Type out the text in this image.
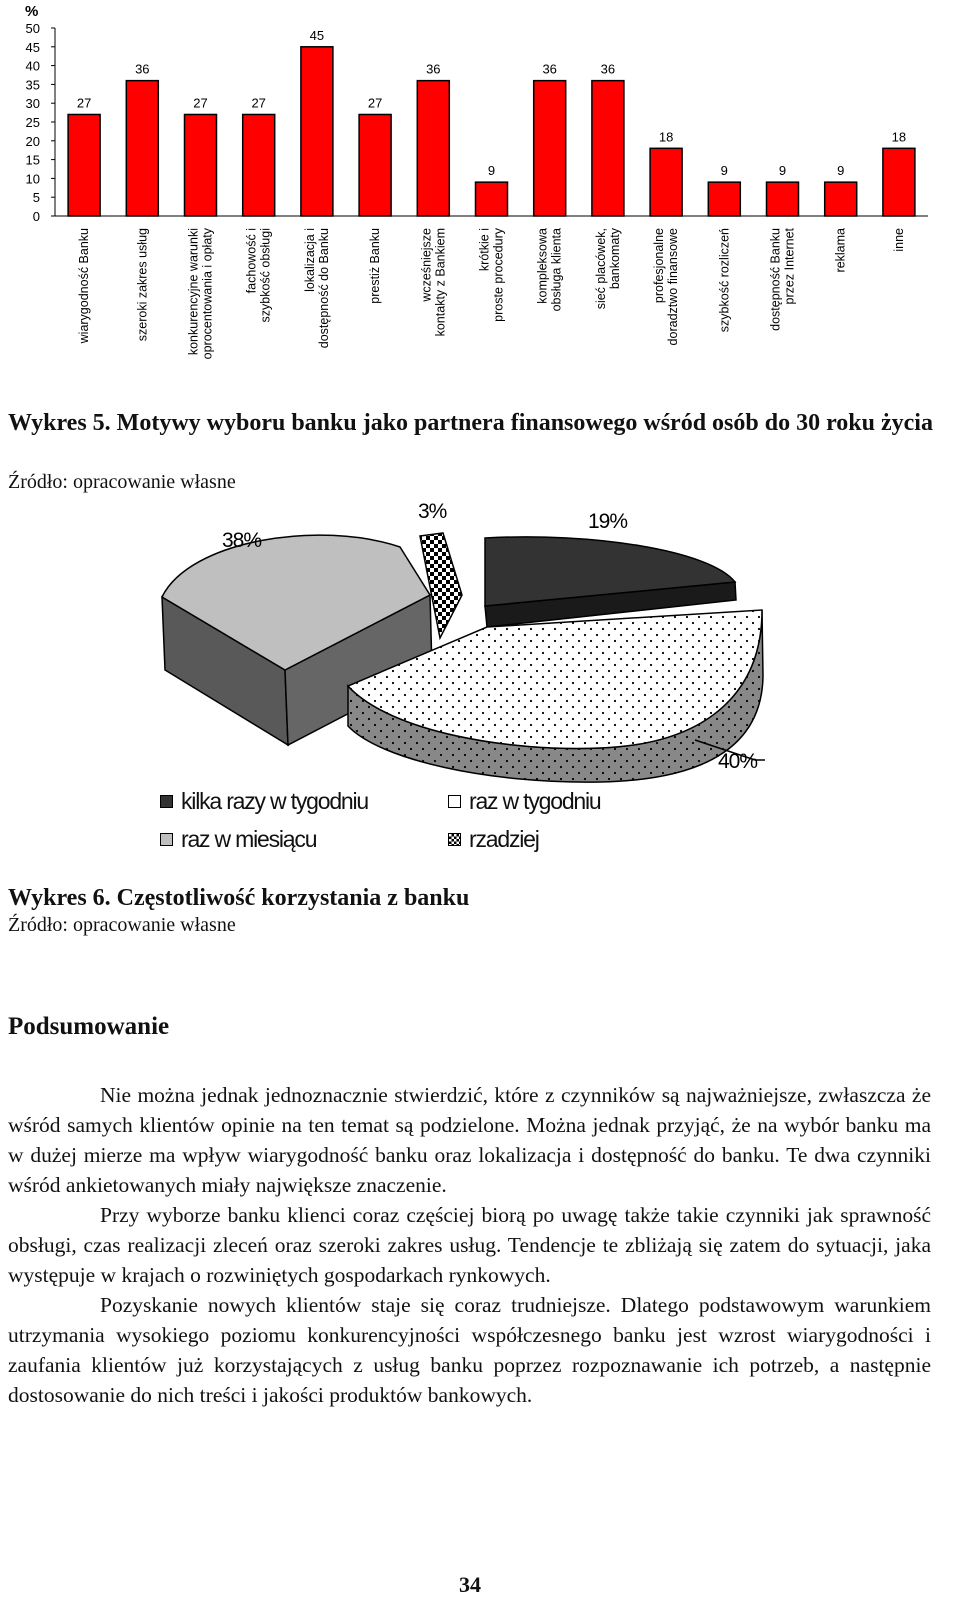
%
0
5
10
15
20
25
30
35
40
45
50
27
wiarygodność Banku
36
szeroki zakres usług
27
konkurencyjne warunki oprocentowania i opłaty
27
fachowość i szybkość obsługi
45
lokalizacja i dostępność do Banku
27
prestiż Banku
36
wcześniejsze kontakty z Bankiem
9
krótkie i proste procedury
36
kompleksowa obsługa klienta
36
sieć placówek, bankomaty
18
profesjonalne doradztwo finansowe
9
szybkość rozliczeń
9
dostępność Banku przez Internet
9
reklama
18
inne
Wykres 5. Motywy wyboru banku jako partnera finansowego wśród osób do 30 roku życia
Źródło: opracowanie własne
38%
3%	19%
40%
kilka razy w tygodniu	raz w tygodniu
raz w miesiącu	rzadziej
Wykres 6. Częstotliwość korzystania z banku
Źródło: opracowanie własne
Podsumowanie

Nie można jednak jednoznacznie stwierdzić, które z czynników są najważniejsze, zwłaszcza że wśród samych klientów opinie na ten temat są podzielone. Można jednak przyjąć, że na wybór banku ma w dużej mierze ma wpływ wiarygodność banku oraz lokalizacja i dostępność do banku. Te dwa czynniki wśród ankietowanych miały największe znaczenie.

Przy wyborze banku klienci coraz częściej biorą po uwagę także takie czynniki jak sprawność obsługi, czas realizacji zleceń oraz szeroki zakres usług. Tendencje te zbliżają się zatem do sytuacji, jaka występuje w krajach o rozwiniętych gospodarkach rynkowych.

Pozyskanie nowych klientów staje się coraz trudniejsze. Dlatego podstawowym warunkiem utrzymania wysokiego poziomu konkurencyjności współczesnego banku jest wzrost wiarygodności i zaufania klientów już korzystających z usług banku poprzez rozpoznawanie ich potrzeb, a następnie dostosowanie do nich treści i jakości produktów bankowych.

34
